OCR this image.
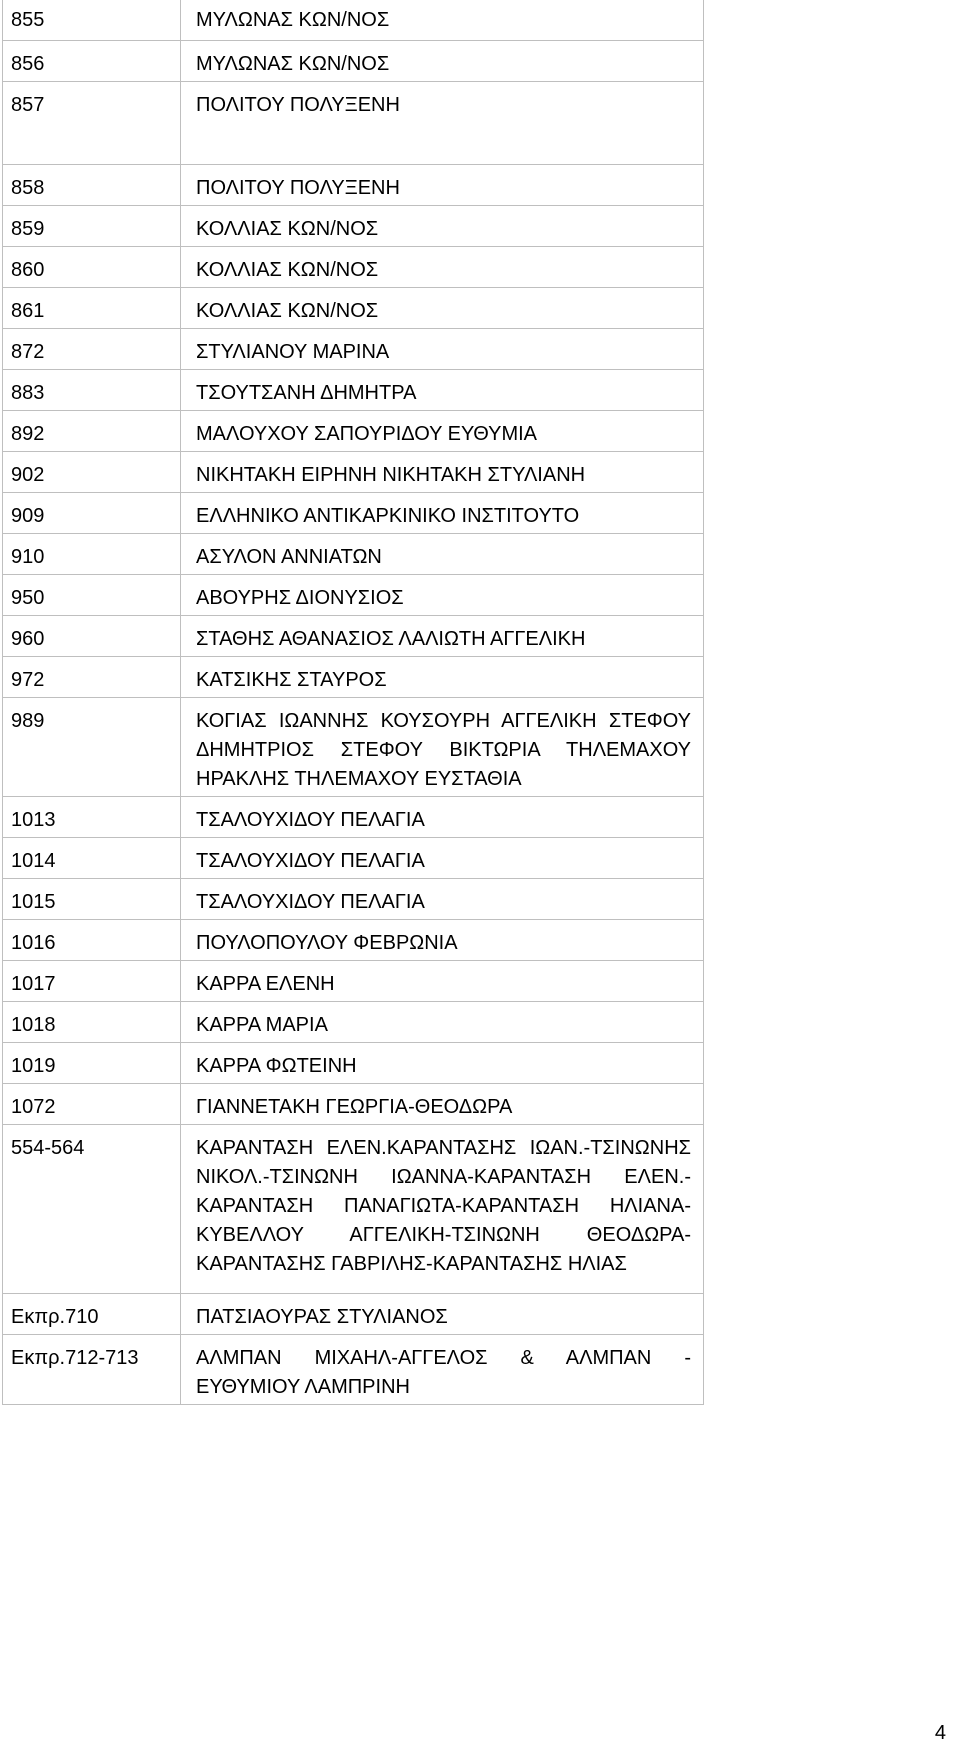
855	ΜΥΛΩΝΑΣ ΚΩΝ/ΝΟΣ
856	ΜΥΛΩΝΑΣ ΚΩΝ/ΝΟΣ
857	ΠΟΛΙΤΟΥ ΠΟΛΥΞΕΝΗ
858	ΠΟΛΙΤΟΥ ΠΟΛΥΞΕΝΗ
859	ΚΟΛΛΙΑΣ ΚΩΝ/ΝΟΣ
860	ΚΟΛΛΙΑΣ ΚΩΝ/ΝΟΣ
861	ΚΟΛΛΙΑΣ ΚΩΝ/ΝΟΣ
872	ΣΤΥΛΙΑΝΟΥ ΜΑΡΙΝΑ
883	ΤΣΟΥΤΣΑΝΗ ΔΗΜΗΤΡΑ
892	ΜΑΛΟΥΧΟΥ ΣΑΠΟΥΡΙΔΟΥ ΕΥΘΥΜΙΑ
902	ΝΙΚΗΤΑΚΗ ΕΙΡΗΝΗ ΝΙΚΗΤΑΚΗ ΣΤΥΛΙΑΝΗ
909	ΕΛΛΗΝΙΚΟ ΑΝΤΙΚΑΡΚΙΝΙΚΟ ΙΝΣΤΙΤΟΥΤΟ
910	ΑΣΥΛΟΝ ΑΝΝΙΑΤΩΝ
950	ΑΒΟΥΡΗΣ ΔΙΟΝΥΣΙΟΣ
960	ΣΤΑΘΗΣ ΑΘΑΝΑΣΙΟΣ ΛΑΛΙΩΤΗ ΑΓΓΕΛΙΚΗ
972	ΚΑΤΣΙΚΗΣ ΣΤΑΥΡΟΣ
989	ΚΟΓΙΑΣ ΙΩΑΝΝΗΣ ΚΟΥΣΟΥΡΗ ΑΓΓΕΛΙΚΗ ΣΤΕΦΟΥ ΔΗΜΗΤΡΙΟΣ ΣΤΕΦΟΥ ΒΙΚΤΩΡΙΑ ΤΗΛΕΜΑΧΟΥ ΗΡΑΚΛΗΣ ΤΗΛΕΜΑΧΟΥ ΕΥΣΤΑΘΙΑ
1013	ΤΣΑΛΟΥΧΙΔΟΥ ΠΕΛΑΓΙΑ
1014	ΤΣΑΛΟΥΧΙΔΟΥ ΠΕΛΑΓΙΑ
1015	ΤΣΑΛΟΥΧΙΔΟΥ ΠΕΛΑΓΙΑ
1016	ΠΟΥΛΟΠΟΥΛΟΥ ΦΕΒΡΩΝΙΑ
1017	ΚΑΡΡΑ ΕΛΕΝΗ
1018	ΚΑΡΡΑ ΜΑΡΙΑ
1019	ΚΑΡΡΑ ΦΩΤΕΙΝΗ
1072	ΓΙΑΝΝΕΤΑΚΗ ΓΕΩΡΓΙΑ-ΘΕΟΔΩΡΑ
554-564	ΚΑΡΑΝΤΑΣΗ ΕΛΕΝ.ΚΑΡΑΝΤΑΣΗΣ ΙΩΑΝ.-ΤΣΙΝΩΝΗΣ ΝΙΚΟΛ.-ΤΣΙΝΩΝΗ ΙΩΑΝΝΑ-ΚΑΡΑΝΤΑΣΗ ΕΛΕΝ.-ΚΑΡΑΝΤΑΣΗ ΠΑΝΑΓΙΩΤΑ-ΚΑΡΑΝΤΑΣΗ ΗΛΙΑΝΑ-ΚΥΒΕΛΛΟΥ ΑΓΓΕΛΙΚΗ-ΤΣΙΝΩΝΗ ΘΕΟΔΩΡΑ-ΚΑΡΑΝΤΑΣΗΣ ΓΑΒΡΙΛΗΣ-ΚΑΡΑΝΤΑΣΗΣ ΗΛΙΑΣ
Εκπρ.710	ΠΑΤΣΙΑΟΥΡΑΣ ΣΤΥΛΙΑΝΟΣ
Εκπρ.712-713	ΑΛΜΠΑΝ ΜΙΧΑΗΛ-ΑΓΓΕΛΟΣ & ΑΛΜΠΑΝ - ΕΥΘΥΜΙΟΥ ΛΑΜΠΡΙΝΗ
4
